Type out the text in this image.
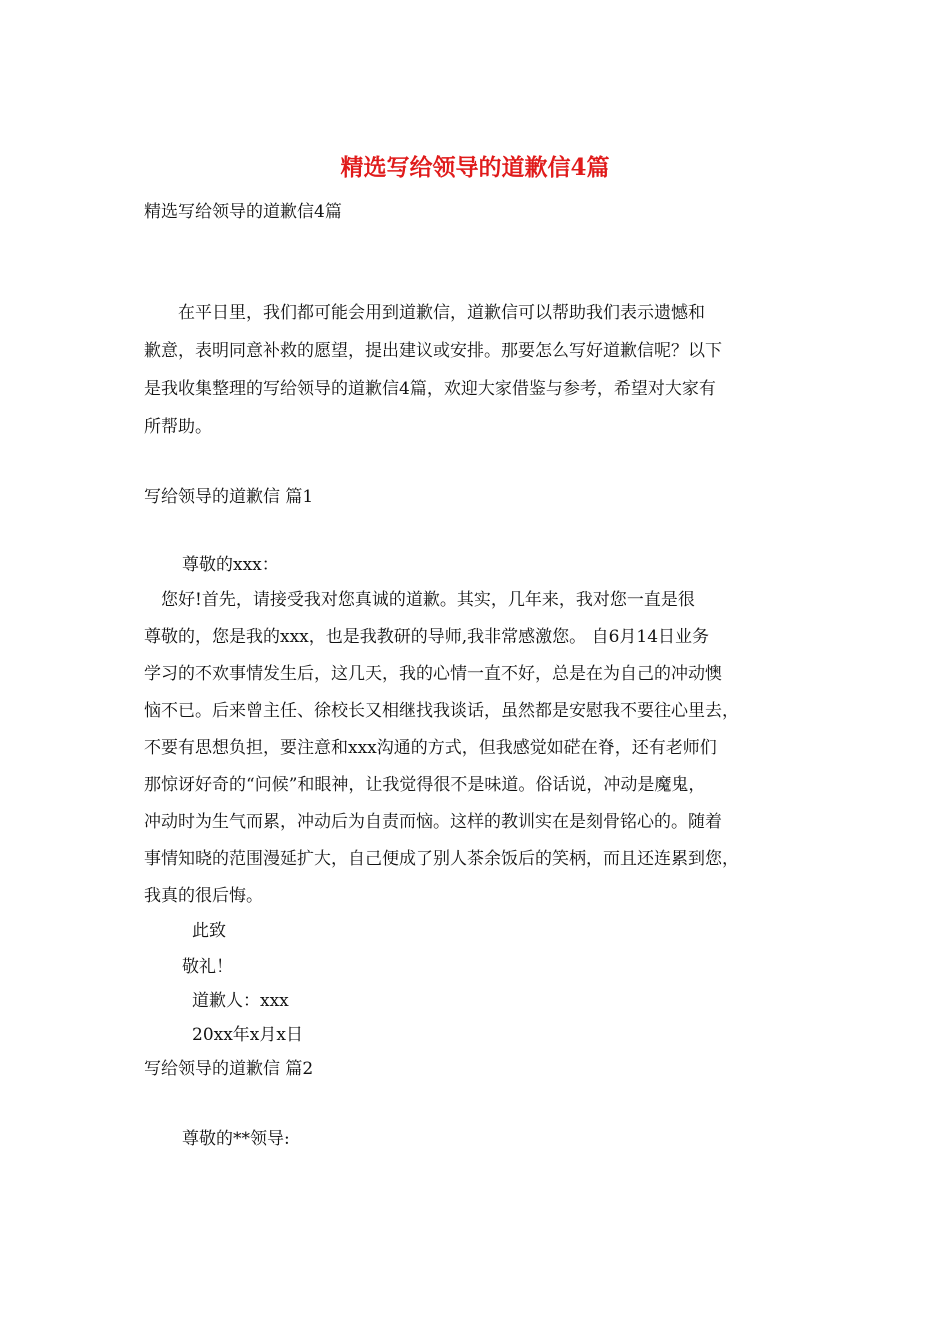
精选写给领导的道歉信4篇

精选写给领导的道歉信4篇

　　在平日里，我们都可能会用到道歉信，道歉信可以帮助我们表示遗憾和
歉意，表明同意补救的愿望，提出建议或安排。那要怎么写好道歉信呢？以下
是我收集整理的写给领导的道歉信4篇，欢迎大家借鉴与参考，希望对大家有
所帮助。

写给领导的道歉信 篇1

尊敬的xxx：

　您好!首先，请接受我对您真诚的道歉。其实，几年来，我对您一直是很
尊敬的，您是我的xxx，也是我教研的导师,我非常感激您。 自6月14日业务
学习的不欢事情发生后，这几天，我的心情一直不好，总是在为自己的冲动懊
恼不已。后来曾主任、徐校长又相继找我谈话，虽然都是安慰我不要往心里去，
不要有思想负担，要注意和xxx沟通的方式，但我感觉如硭在脊，还有老师们
那惊讶好奇的“问候”和眼神，让我觉得很不是味道。俗话说，冲动是魔鬼，
冲动时为生气而累，冲动后为自责而恼。这样的教训实在是刻骨铭心的。随着
事情知晓的范围漫延扩大，自己便成了别人茶余饭后的笑柄，而且还连累到您，
我真的很后悔。

此致

敬礼！

道歉人：xxx

20xx年x月x日

写给领导的道歉信 篇2

尊敬的**领导:
